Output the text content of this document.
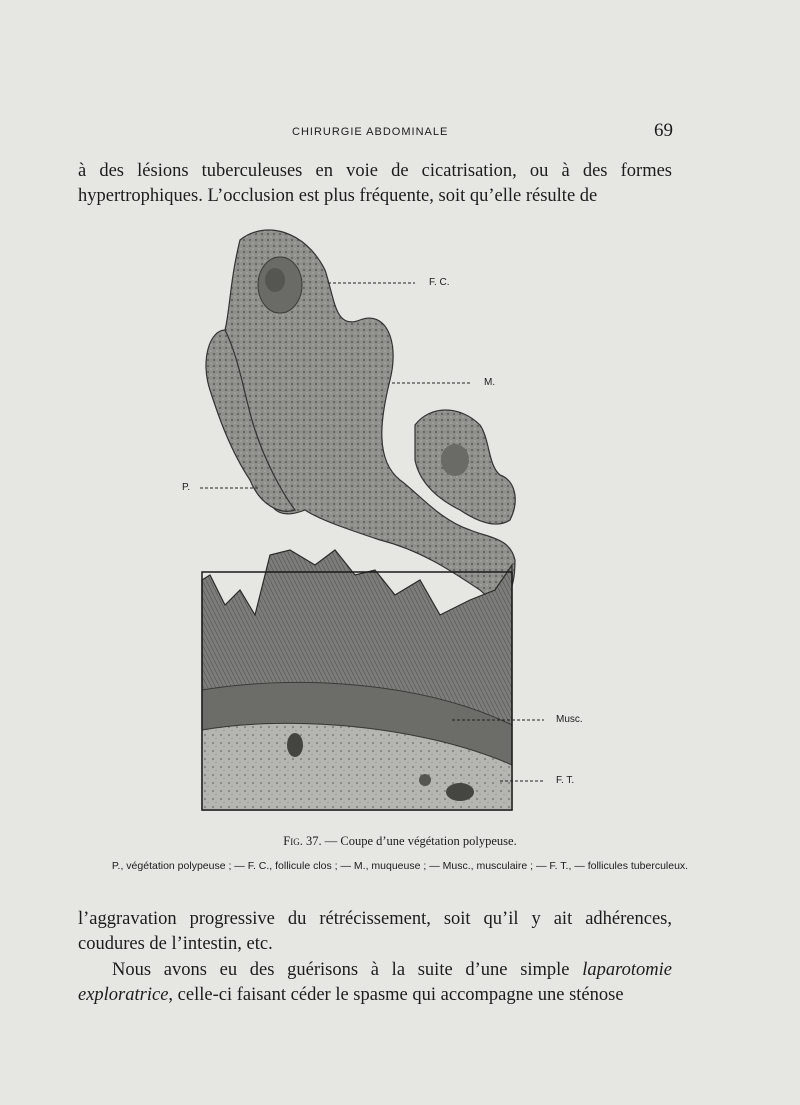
CHIRURGIE ABDOMINALE	69

à des lésions tuberculeuses en voie de cicatrisation, ou à des formes hypertrophiques. L’occlusion est plus fréquente, soit qu’elle résulte de

F. C.
M.
P.
Musc.
F. T.
Fig. 37. — Coupe d’une végétation polypeuse.
P., végétation polypeuse ; — F. C., follicule clos ; — M., muqueuse ; — Musc., musculaire ; — F. T., — follicules tuberculeux.

l’aggravation progressive du rétrécissement, soit qu’il y ait adhérences, coudures de l’intestin, etc.

Nous avons eu des guérisons à la suite d’une simple laparotomie exploratrice, celle-ci faisant céder le spasme qui accompagne une sténose
